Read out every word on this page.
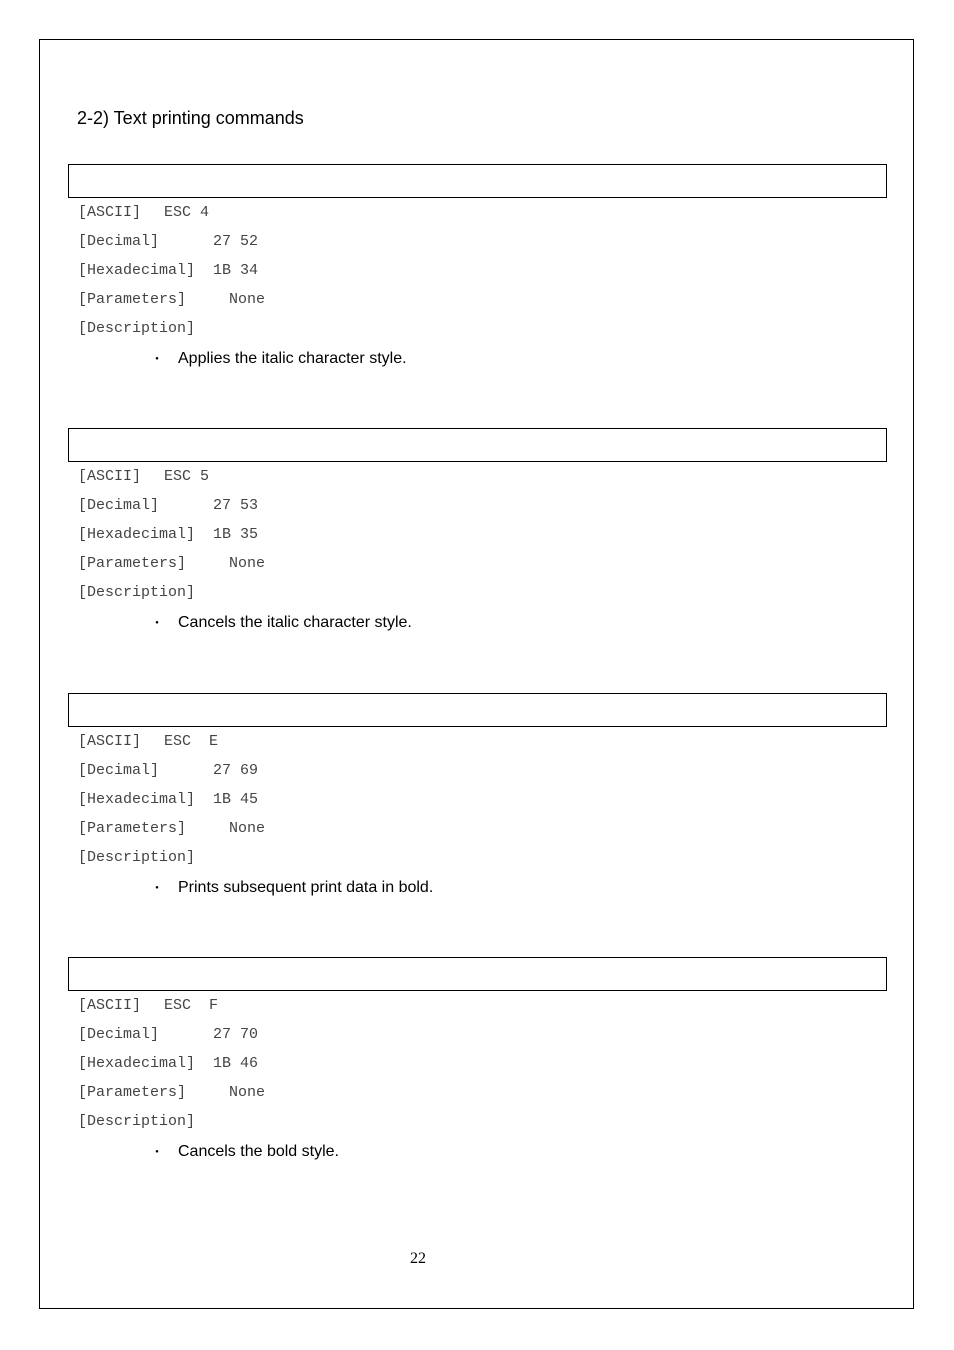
2-2) Text printing commands
[ASCII] ESC 4
[Decimal]	27 52
[Hexadecimal] 1B 34
[Parameters]	None
[Description]
・ Applies the italic character style.
[ASCII] ESC 5
[Decimal]	27 53
[Hexadecimal] 1B 35
[Parameters]	None
[Description]
・ Cancels the italic character style.
[ASCII] ESC  E
[Decimal]	27 69
[Hexadecimal] 1B 45
[Parameters]	None
[Description]
・ Prints subsequent print data in bold.
[ASCII] ESC  F
[Decimal]	27 70
[Hexadecimal] 1B 46
[Parameters]	None
[Description]
・ Cancels the bold style.
22
